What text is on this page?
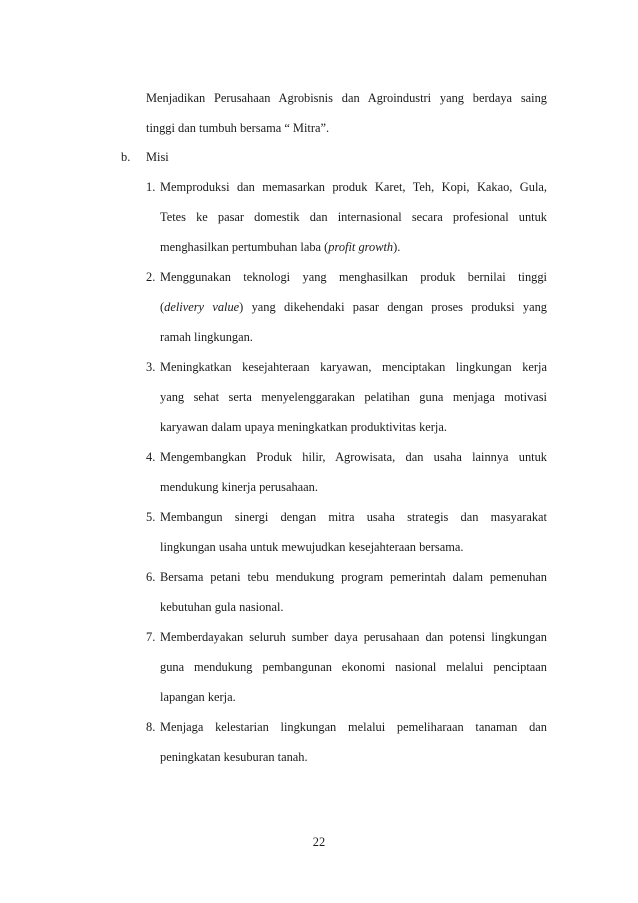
Menjadikan Perusahaan Agrobisnis dan Agroindustri yang berdaya saing
tinggi dan tumbuh bersama “ Mitra”.
b. Misi
1. Memproduksi dan memasarkan produk Karet, Teh, Kopi, Kakao, Gula,
Tetes ke pasar domestik dan internasional secara profesional untuk
menghasilkan pertumbuhan laba (profit growth).
2. Menggunakan teknologi yang menghasilkan produk bernilai tinggi
(delivery value) yang dikehendaki pasar dengan proses produksi yang
ramah lingkungan.
3. Meningkatkan kesejahteraan karyawan, menciptakan lingkungan kerja
yang sehat serta menyelenggarakan pelatihan guna menjaga motivasi
karyawan dalam upaya meningkatkan produktivitas kerja.
4. Mengembangkan Produk hilir, Agrowisata, dan usaha lainnya untuk
mendukung kinerja perusahaan.
5. Membangun sinergi dengan mitra usaha strategis dan masyarakat
lingkungan usaha untuk mewujudkan kesejahteraan bersama.
6. Bersama petani tebu mendukung program pemerintah dalam pemenuhan
kebutuhan gula nasional.
7. Memberdayakan seluruh sumber daya perusahaan dan potensi lingkungan
guna mendukung pembangunan ekonomi nasional melalui penciptaan
lapangan kerja.
8. Menjaga kelestarian lingkungan melalui pemeliharaan tanaman dan
peningkatan kesuburan tanah.
22
